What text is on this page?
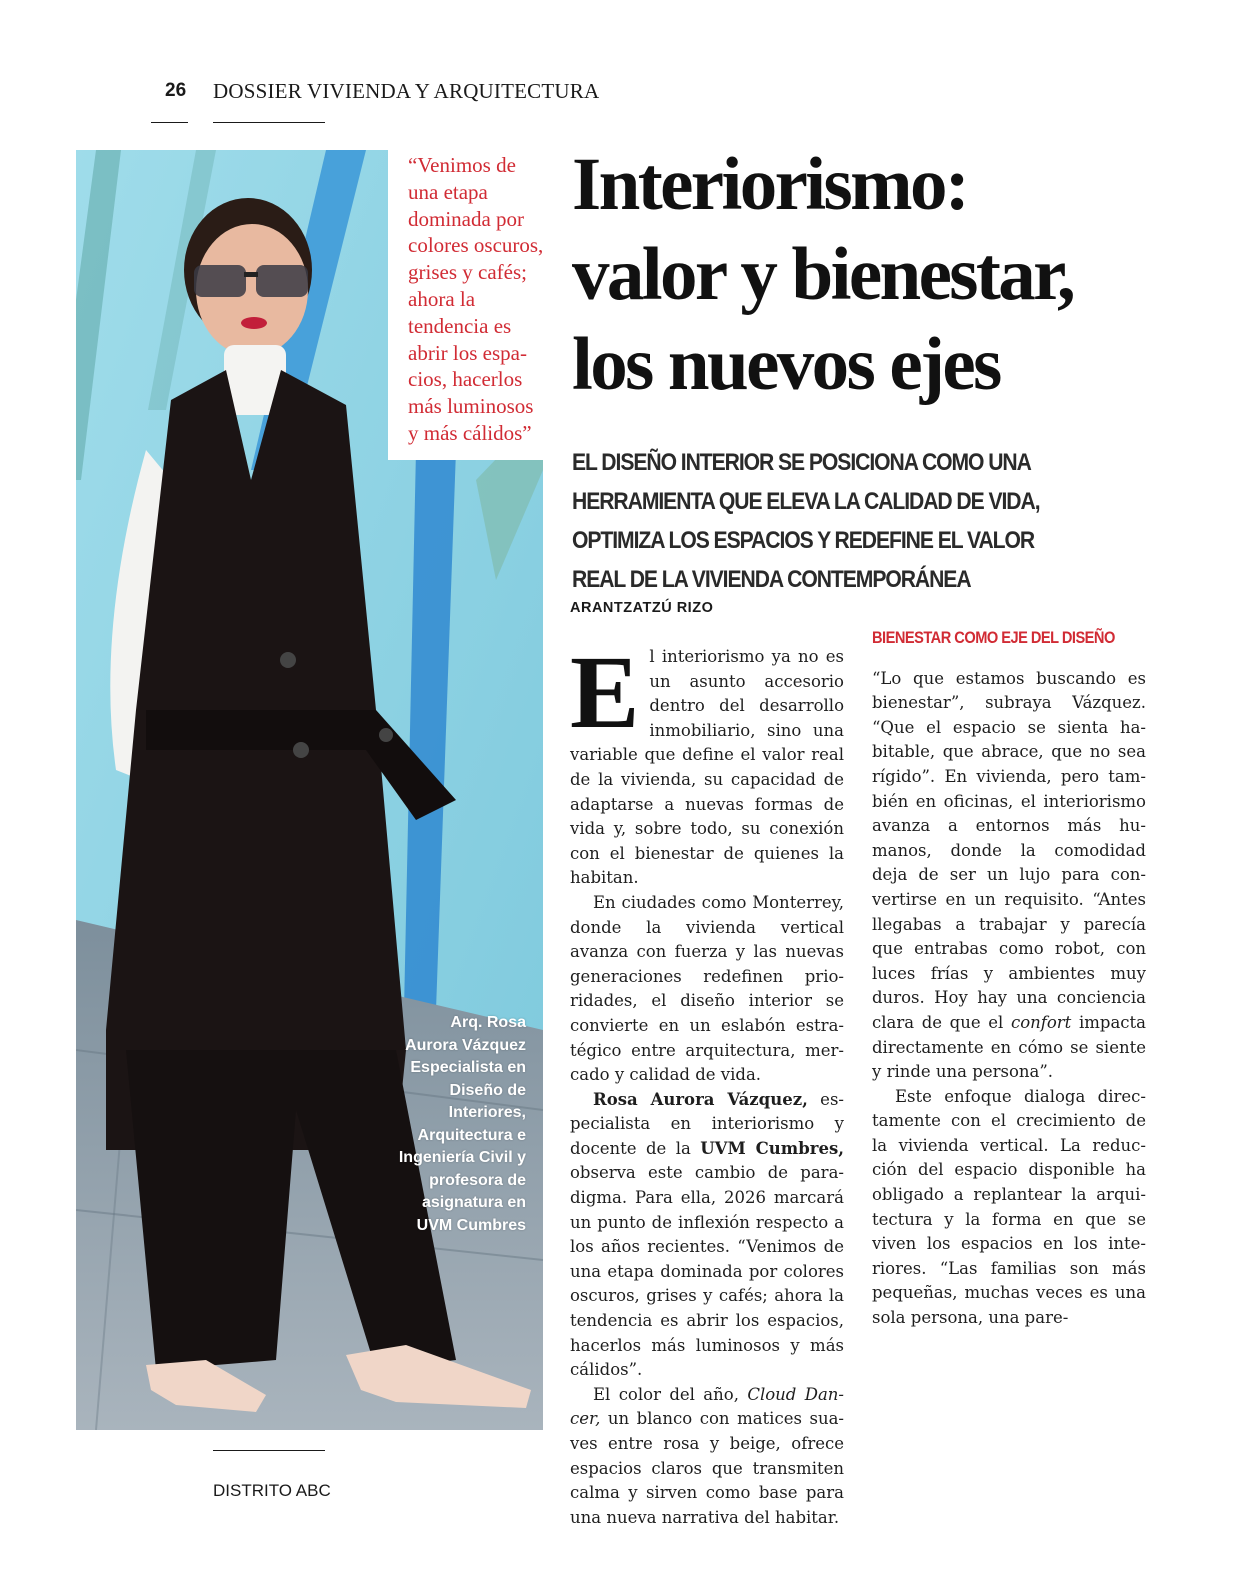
26 DOSSIER VIVIENDA Y ARQUITECTURA
“Venimos de una etapa dominada por colores oscuros, grises y cafés; ahora la tendencia es abrir los espa- cios, hacerlos más luminosos y más cálidos”
Arq. Rosa Aurora Vázquez Especialista en Diseño de Interiores, Arquitectura e Ingeniería Civil y profesora de asignatura en UVM Cumbres
Interiorismo:
valor y bienestar,
los nuevos ejes
EL DISEÑO INTERIOR SE POSICIONA COMO UNA HERRAMIENTA QUE ELEVA LA CALIDAD DE VIDA, OPTIMIZA LOS ESPACIOS Y REDEFINE EL VALOR REAL DE LA VIVIENDA CONTEMPORÁNEA
ARANTZATZÚ RIZO

El interiorismo ya no es un asunto accesorio dentro del desarrollo inmobiliario, sino una variable que define el valor real de la vivienda, su capacidad de adaptarse a nuevas formas de vida y, sobre todo, su conexión con el bienestar de quienes la habitan.

En ciudades como Monterrey, donde la vivienda vertical avanza con fuerza y las nuevas generaciones redefinen prioridades, el diseño interior se convierte en un eslabón estratégico entre arquitectura, mercado y calidad de vida.

Rosa Aurora Vázquez, especialista en interiorismo y docente de la UVM Cumbres, observa este cambio de paradigma. Para ella, 2026 marcará un punto de inflexión respecto a los años recientes. “Venimos de una etapa dominada por colores oscuros, grises y cafés; ahora la tendencia es abrir los espacios, hacerlos más luminosos y más cálidos”.

El color del año, Cloud Dancer, un blanco con matices suaves entre rosa y beige, ofrece espacios claros que transmiten calma y sirven como base para una nueva narrativa del habitar.

BIENESTAR COMO EJE DEL DISEÑO

“Lo que estamos buscando es bienestar”, subraya Vázquez. “Que el espacio se sienta habitable, que abrace, que no sea rígido”. En vivienda, pero también en oficinas, el interiorismo avanza a entornos más humanos, donde la comodidad deja de ser un lujo para convertirse en un requisito. “Antes llegabas a trabajar y parecía que entrabas como robot, con luces frías y ambientes muy duros. Hoy hay una conciencia clara de que el confort impacta directamente en cómo se siente y rinde una persona”.

Este enfoque dialoga directamente con el crecimiento de la vivienda vertical. La reducción del espacio disponible ha obligado a replantear la arquitectura y la forma en que se viven los espacios en los interiores. “Las familias son más pequeñas, muchas veces es una sola persona, una pare-

DISTRITO ABC
